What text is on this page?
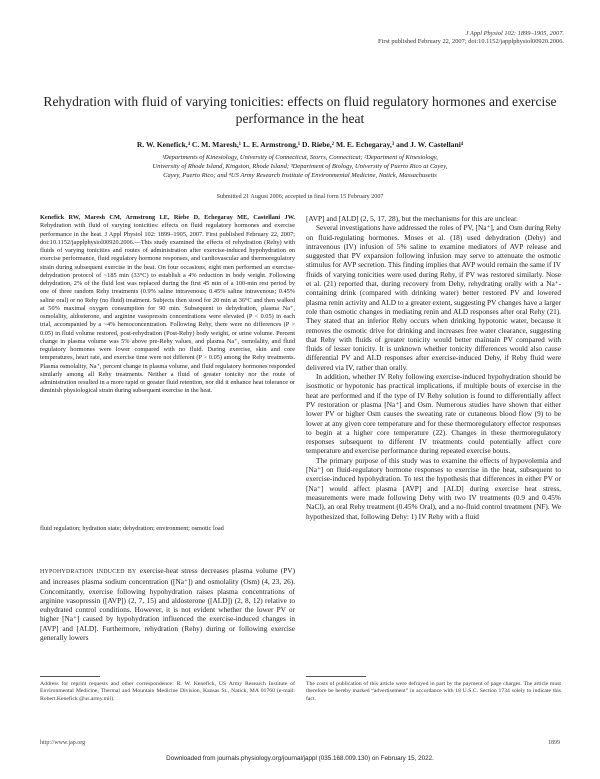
J Appl Physiol 102: 1899–1905, 2007.
First published February 22, 2007; doi:10.1152/japplphysiol00920.2006.
Rehydration with fluid of varying tonicities: effects on fluid regulatory hormones and exercise performance in the heat
R. W. Kenefick,⁴ C. M. Maresh,¹ L. E. Armstrong,¹ D. Riebe,² M. E. Echegaray,³ and J. W. Castellani⁴
¹Departments of Kinesiology, University of Connecticut, Storrs, Connecticut; ²Department of Kinesiology,
University of Rhode Island, Kingston, Rhode Island; ³Department of Biology, University of Puerto Rico at Cayey,
Cayey, Puerto Rico; and ⁴US Army Research Institute of Environmental Medicine, Natick, Massachusetts
Submitted 21 August 2006; accepted in final form 15 February 2007

Kenefick RW, Maresh CM, Armstrong LE, Riebe D, Echegaray ME, Castellani JW. Rehydration with fluid of varying tonicities: effects on fluid regulatory hormones and exercise performance in the heat. J Appl Physiol 102: 1899–1905, 2007. First published February 22, 2007; doi:10.1152/japplphysiol00920.2006.—This study examined the effects of rehydration (Rehy) with fluids of varying tonicities and routes of administration after exercise-induced hypohydration on exercise performance, fluid regulatory hormone responses, and cardiovascular and thermoregulatory strain during subsequent exercise in the heat. On four occasions, eight men performed an exercise-dehydration protocol of ~185 min (33°C) to establish a 4% reduction in body weight. Following dehydration, 2% of the fluid lost was replaced during the first 45 min of a 100-min rest period by one of three random Rehy treatments (0.9% saline intravenous; 0.45% saline intravenous; 0.45% saline oral) or no Rehy (no fluid) treatment. Subjects then stood for 20 min at 36°C and then walked at 50% maximal oxygen consumption for 90 min. Subsequent to dehydration, plasma Na⁺, osmolality, aldosterone, and arginine vasopressin concentrations were elevated (P < 0.05) in each trial, accompanied by a ~4% hemoconcentration. Following Rehy, there were no differences (P > 0.05) in fluid volume restored, post-rehydration (Post-Rehy) body weight, or urine volume. Percent change in plasma volume was 5% above pre-Rehy values, and plasma Na⁺, osmolality, and fluid regulatory hormones were lower compared with no fluid. During exercise, skin and core temperatures, heart rate, and exercise time were not different (P > 0.05) among the Rehy treatments. Plasma osmolality, Na⁺, percent change in plasma volume, and fluid regulatory hormones responded similarly among all Rehy treatments. Neither a fluid of greater tonicity nor the route of administration resulted in a more rapid or greater fluid retention, nor did it enhance heat tolerance or diminish physiological strain during subsequent exercise in the heat.

fluid regulation; hydration state; dehydration; environment; osmotic load

HYPOHYDRATION INDUCED BY exercise-heat stress decreases plasma volume (PV) and increases plasma sodium concentration ([Na⁺]) and osmolality (Osm) (4, 23, 26). Concomitantly, exercise following hypohydration raises plasma concentrations of arginine vasopressin ([AVP]) (2, 7, 15) and aldosterone ([ALD]) (2, 8, 12) relative to euhydrated control conditions. However, it is not evident whether the lower PV or higher [Na⁺] caused by hypohydration influenced the exercise-induced changes in [AVP] and [ALD]. Furthermore, rehydration (Rehy) during or following exercise generally lowers

[AVP] and [ALD] (2, 5, 17, 28), but the mechanisms for this are unclear.

Several investigations have addressed the roles of PV, [Na⁺], and Osm during Rehy on fluid-regulating hormones. Moses et al. (18) used dehydration (Dehy) and intravenous (IV) infusion of 5% saline to examine mediators of AVP release and suggested that PV expansion following infusion may serve to attenuate the osmotic stimulus for AVP secretion. This finding implies that AVP would remain the same if IV fluids of varying tonicities were used during Rehy, if PV was restored similarly. Nose et al. (21) reported that, during recovery from Dehy, rehydrating orally with a Na⁺-containing drink (compared with drinking water) better restored PV and lowered plasma renin activity and ALD to a greater extent, suggesting PV changes have a larger role than osmotic changes in mediating renin and ALD responses after oral Rehy (21). They stated that an inferior Rehy occurs when drinking hypotonic water, because it removes the osmotic drive for drinking and increases free water clearance, suggesting that Rehy with fluids of greater tonicity would better maintain PV compared with fluids of lesser tonicity. It is unknown whether tonicity differences would also cause differential PV and ALD responses after exercise-induced Dehy, if Rehy fluid were delivered via IV, rather than orally.

In addition, whether IV Rehy following exercise-induced hypohydration should be isosmotic or hypotonic has practical implications, if multiple bouts of exercise in the heat are performed and if the type of IV Rehy solution is found to differentially affect PV restoration or plasma [Na⁺] and Osm. Numerous studies have shown that either lower PV or higher Osm causes the sweating rate or cutaneous blood flow (9) to be lower at any given core temperature and for these thermoregulatory effector responses to begin at a higher core temperature (22). Changes in these thermoregulatory responses subsequent to different IV treatments could potentially affect core temperature and exercise performance during repeated exercise bouts.

The primary purpose of this study was to examine the effects of hypovolemia and [Na⁺] on fluid-regulatory hormone responses to exercise in the heat, subsequent to exercise-induced hypohydration. To test the hypothesis that differences in either PV or [Na⁺] would affect plasma [AVP] and [ALD] during exercise heat stress, measurements were made following Dehy with two IV treatments (0.9 and 0.45% NaCl), an oral Rehy treatment (0.45% Oral), and a no-fluid control treatment (NF). We hypothesized that, following Dehy: 1) IV Rehy with a fluid

Address for reprint requests and other correspondence: R. W. Kenefick, US Army Research Institute of Environmental Medicine, Thermal and Mountain Medicine Division, Kansas St., Natick, MA 01760 (e-mail: Robert.Kenefick @us.army.mil).
The costs of publication of this article were defrayed in part by the payment of page charges. The article must therefore be hereby marked “advertisement” in accordance with 18 U.S.C. Section 1734 solely to indicate this fact.
http://www.jap.org	1899
Downloaded from journals.physiology.org/journal/jappl (035.168.009.130) on February 15, 2022.
